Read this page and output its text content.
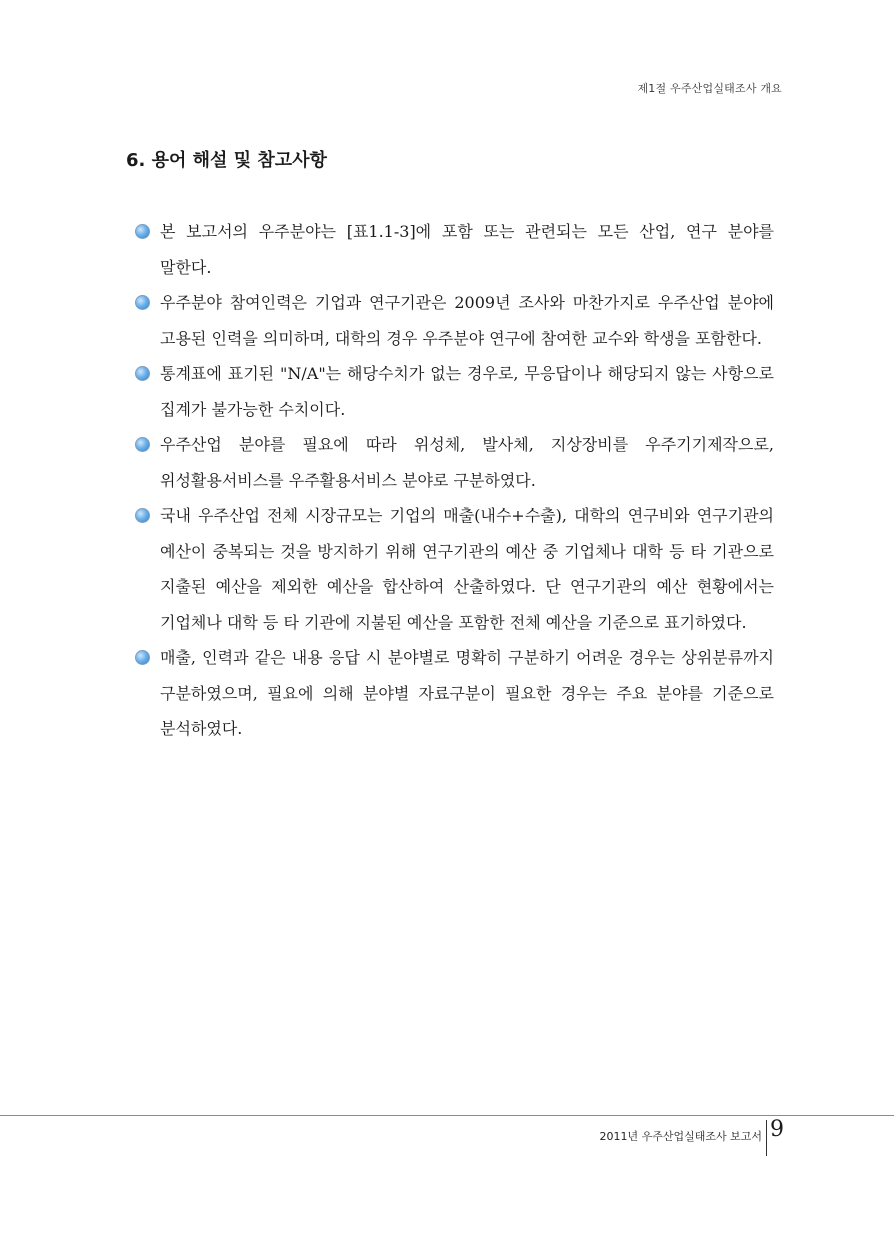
제1절 우주산업실태조사 개요
6. 용어 해설 및 참고사항
본 보고서의 우주분야는 [표1.1-3]에 포함 또는 관련되는 모든 산업, 연구 분야를 말한다.
우주분야 참여인력은 기업과 연구기관은 2009년 조사와 마찬가지로 우주산업 분야에 고용된 인력을 의미하며, 대학의 경우 우주분야 연구에 참여한 교수와 학생을 포함한다.
통계표에 표기된 "N/A"는 해당수치가 없는 경우로, 무응답이나 해당되지 않는 사항으로 집계가 불가능한 수치이다.
우주산업 분야를 필요에 따라 위성체, 발사체, 지상장비를 우주기기제작으로, 위성활용서비스를 우주활용서비스 분야로 구분하였다.
국내 우주산업 전체 시장규모는 기업의 매출(내수+수출), 대학의 연구비와 연구기관의 예산이 중복되는 것을 방지하기 위해 연구기관의 예산 중 기업체나 대학 등 타 기관으로 지출된 예산을 제외한 예산을 합산하여 산출하였다. 단 연구기관의 예산 현황에서는 기업체나 대학 등 타 기관에 지불된 예산을 포함한 전체 예산을 기준으로 표기하였다.
매출, 인력과 같은 내용 응답 시 분야별로 명확히 구분하기 어려운 경우는 상위분류까지 구분하였으며, 필요에 의해 분야별 자료구분이 필요한 경우는 주요 분야를 기준으로 분석하였다.
2011년 우주산업실태조사 보고서 9
